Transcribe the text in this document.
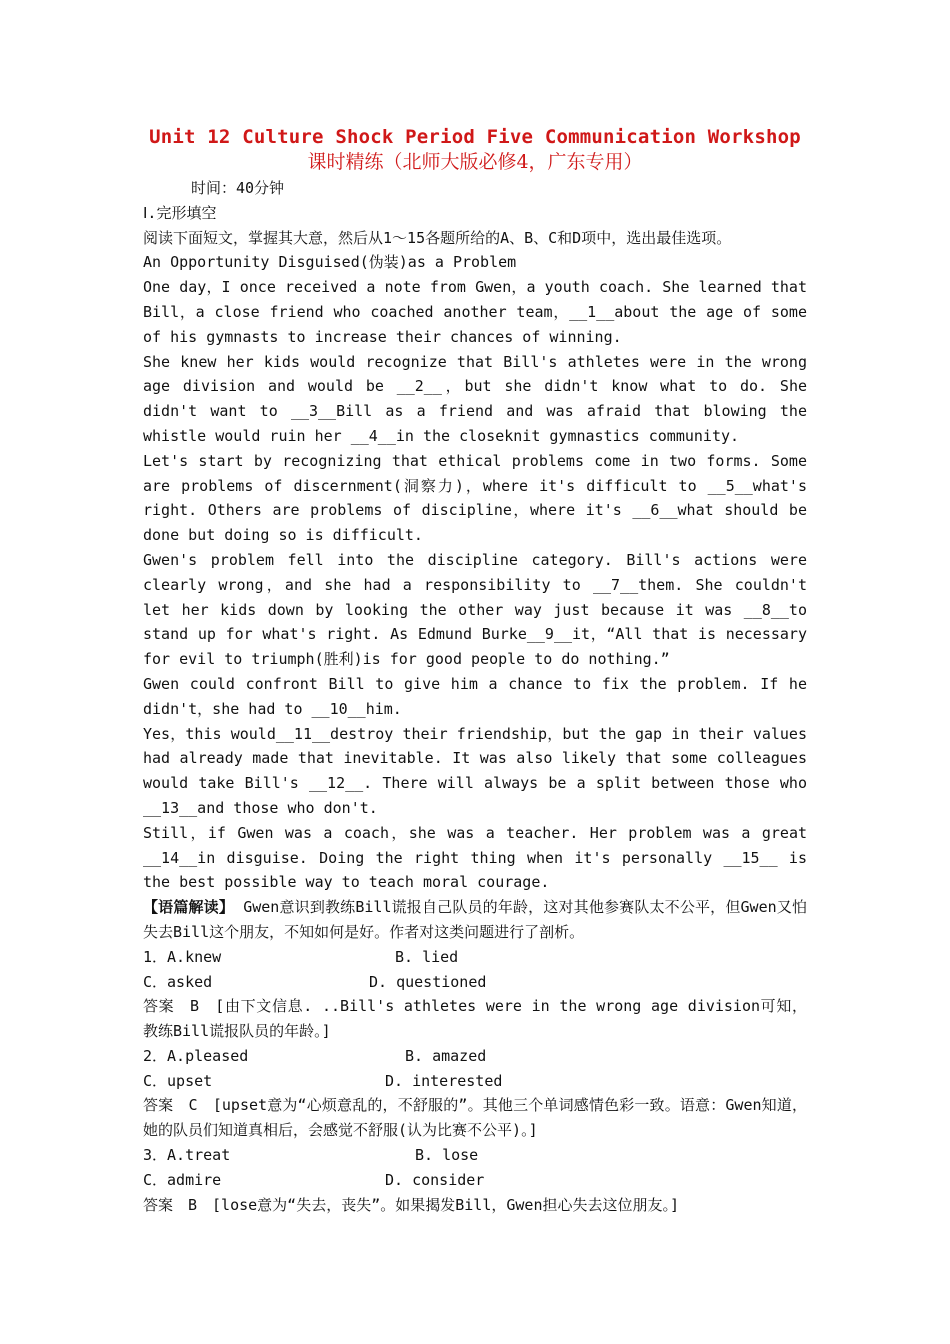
Unit 12 Culture Shock Period Five Communication Workshop
课时精练（北师大版必修4，广东专用）
时间：40分钟

Ⅰ.完形填空

阅读下面短文，掌握其大意，然后从1～15各题所给的A、B、C和D项中，选出最佳选项。

An Opportunity Disguised(伪装)as a Problem

One day，I once received a note from Gwen，a youth coach. She learned that Bill，a close friend who coached another team，__1__about the age of some of his gymnasts to increase their chances of winning.

She knew her kids would recognize that Bill's athletes were in the wrong age division and would be __2__，but she didn't know what to do. She didn't want to __3__Bill as a friend and was afraid that blowing the whistle would ruin her __4__in the closeknit gymnastics community.

Let's start by recognizing that ethical problems come in two forms. Some are problems of discernment(洞察力)，where it's difficult to __5__what's right. Others are problems of discipline，where it's __6__what should be done but doing so is difficult.

Gwen's problem fell into the discipline category. Bill's actions were clearly wrong，and she had a responsibility to __7__them. She couldn't let her kids down by looking the other way just because it was __8__to stand up for what's right. As Edmund Burke__9__it，“All that is necessary for evil to triumph(胜利)is for good people to do nothing.”

Gwen could confront Bill to give him a chance to fix the problem. If he didn't，she had to __10__him.

Yes，this would__11__destroy their friendship，but the gap in their values had already made that inevitable. It was also likely that some colleagues would take Bill's __12__. There will always be a split between those who __13__and those who don't.

Still，if Gwen was a coach，she was a teacher. Her problem was a great __14__in disguise. Doing the right thing when it's personally __15__ is the best possible way to teach moral courage.

【语篇解读】 Gwen意识到教练Bill谎报自己队员的年龄，这对其他参赛队太不公平，但Gwen又怕失去Bill这个朋友，不知如何是好。作者对这类问题进行了剖析。

1．A.knew	B. lied
C．asked	D. questioned

答案　B　[由下文信息. ..Bill's athletes were in the wrong age division可知，教练Bill谎报队员的年龄。]

2．A.pleased	B. amazed
C．upset	D. interested

答案　C　[upset意为“心烦意乱的，不舒服的”。其他三个单词感情色彩一致。语意：Gwen知道，她的队员们知道真相后，会感觉不舒服(认为比赛不公平)。]

3．A.treat	B. lose
C．admire	D. consider

答案　B　[lose意为“失去，丧失”。如果揭发Bill，Gwen担心失去这位朋友。]
